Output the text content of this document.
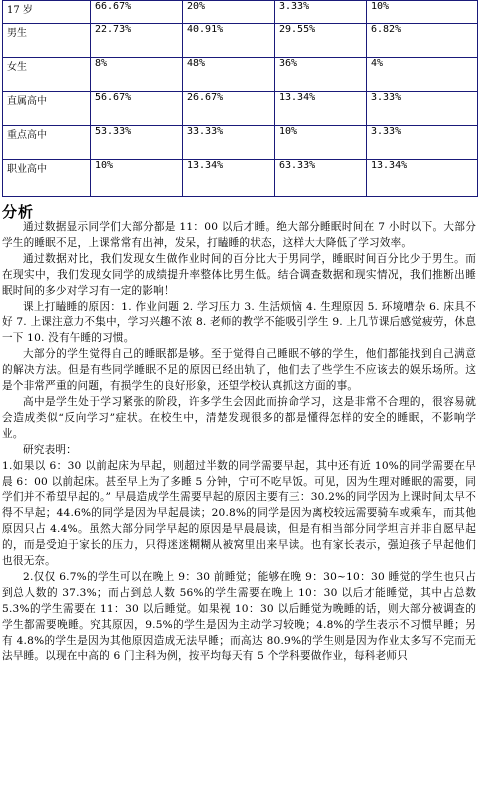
17 岁	66.67%	20%	3.33%	10%
男生	22.73%	40.91%	29.55%	6.82%
女生	8%	48%	36%	4%
直属高中	56.67%	26.67%	13.34%	3.33%
重点高中	53.33%	33.33%	10%	3.33%
职业高中	10%	13.34%	63.33%	13.34%
分析

通过数据显示同学们大部分都是 11：00 以后才睡。绝大部分睡眠时间在 7 小时以下。大部分学生的睡眠不足，上课常常有出神，发呆，打瞌睡的状态，这样大大降低了学习效率。

通过数据对比，我们发现女生做作业时间的百分比大于男同学，睡眠时间百分比少于男生。而在现实中，我们发现女同学的成绩提升率整体比男生低。结合调查数据和现实情况，我们推断出睡眠时间的多少对学习有一定的影响！

课上打瞌睡的原因：1. 作业问题 2. 学习压力 3. 生活烦恼 4. 生理原因 5. 环境嘈杂 6. 床具不好 7. 上课注意力不集中，学习兴趣不浓 8. 老师的教学不能吸引学生 9. 上几节课后感觉疲劳，休息一下 10. 没有午睡的习惯。

大部分的学生觉得自己的睡眠都是够。至于觉得自己睡眠不够的学生，他们都能找到自己满意的解决方法。但是有些同学睡眠不足的原因已经出轨了，他们去了些学生不应该去的娱乐场所。这是个非常严重的问题，有损学生的良好形象，还望学校认真抓这方面的事。

高中是学生处于学习紧张的阶段，许多学生会因此而拚命学习，这是非常不合理的，很容易就会造成类似“反向学习”症状。在校生中，清楚发现很多的都是懂得怎样的安全的睡眠，不影响学业。

研究表明：

1.如果以 6：30 以前起床为早起，则超过半数的同学需要早起，其中还有近 10%的同学需要在早晨 6：00 以前起床。甚至早上为了多睡 5 分钟，宁可不吃早饭。可见，因为生理对睡眠的需要，同学们并不希望早起的。” 早晨造成学生需要早起的原因主要有三：30.2%的同学因为上课时间太早不得不早起；44.6%的同学是因为早起晨读；20.8%的同学是因为离校较远需要骑车或乘车，而其他原因只占 4.4%。虽然大部分同学早起的原因是早晨晨读，但是有相当部分同学坦言并非自愿早起的，而是受迫于家长的压力，只得迷迷糊糊从被窝里出来早读。也有家长表示，强迫孩子早起他们也很无奈。

2.仅仅 6.7%的学生可以在晚上 9：30 前睡觉；能够在晚 9：30~10：30 睡觉的学生也只占到总人数的 37.3%；而占到总人数 56%的学生需要在晚上 10：30 以后才能睡觉，其中占总数 5.3%的学生需要在 11：30 以后睡觉。如果视 10：30 以后睡觉为晚睡的话，则大部分被调查的学生都需要晚睡。究其原因，9.5%的学生是因为主动学习较晚；4.8%的学生表示不习惯早睡；另有 4.8%的学生是因为其他原因造成无法早睡；而高达 80.9%的学生则是因为作业太多写不完而无法早睡。以现在中高的 6 门主科为例，按平均每天有 5 个学科要做作业，每科老师只
